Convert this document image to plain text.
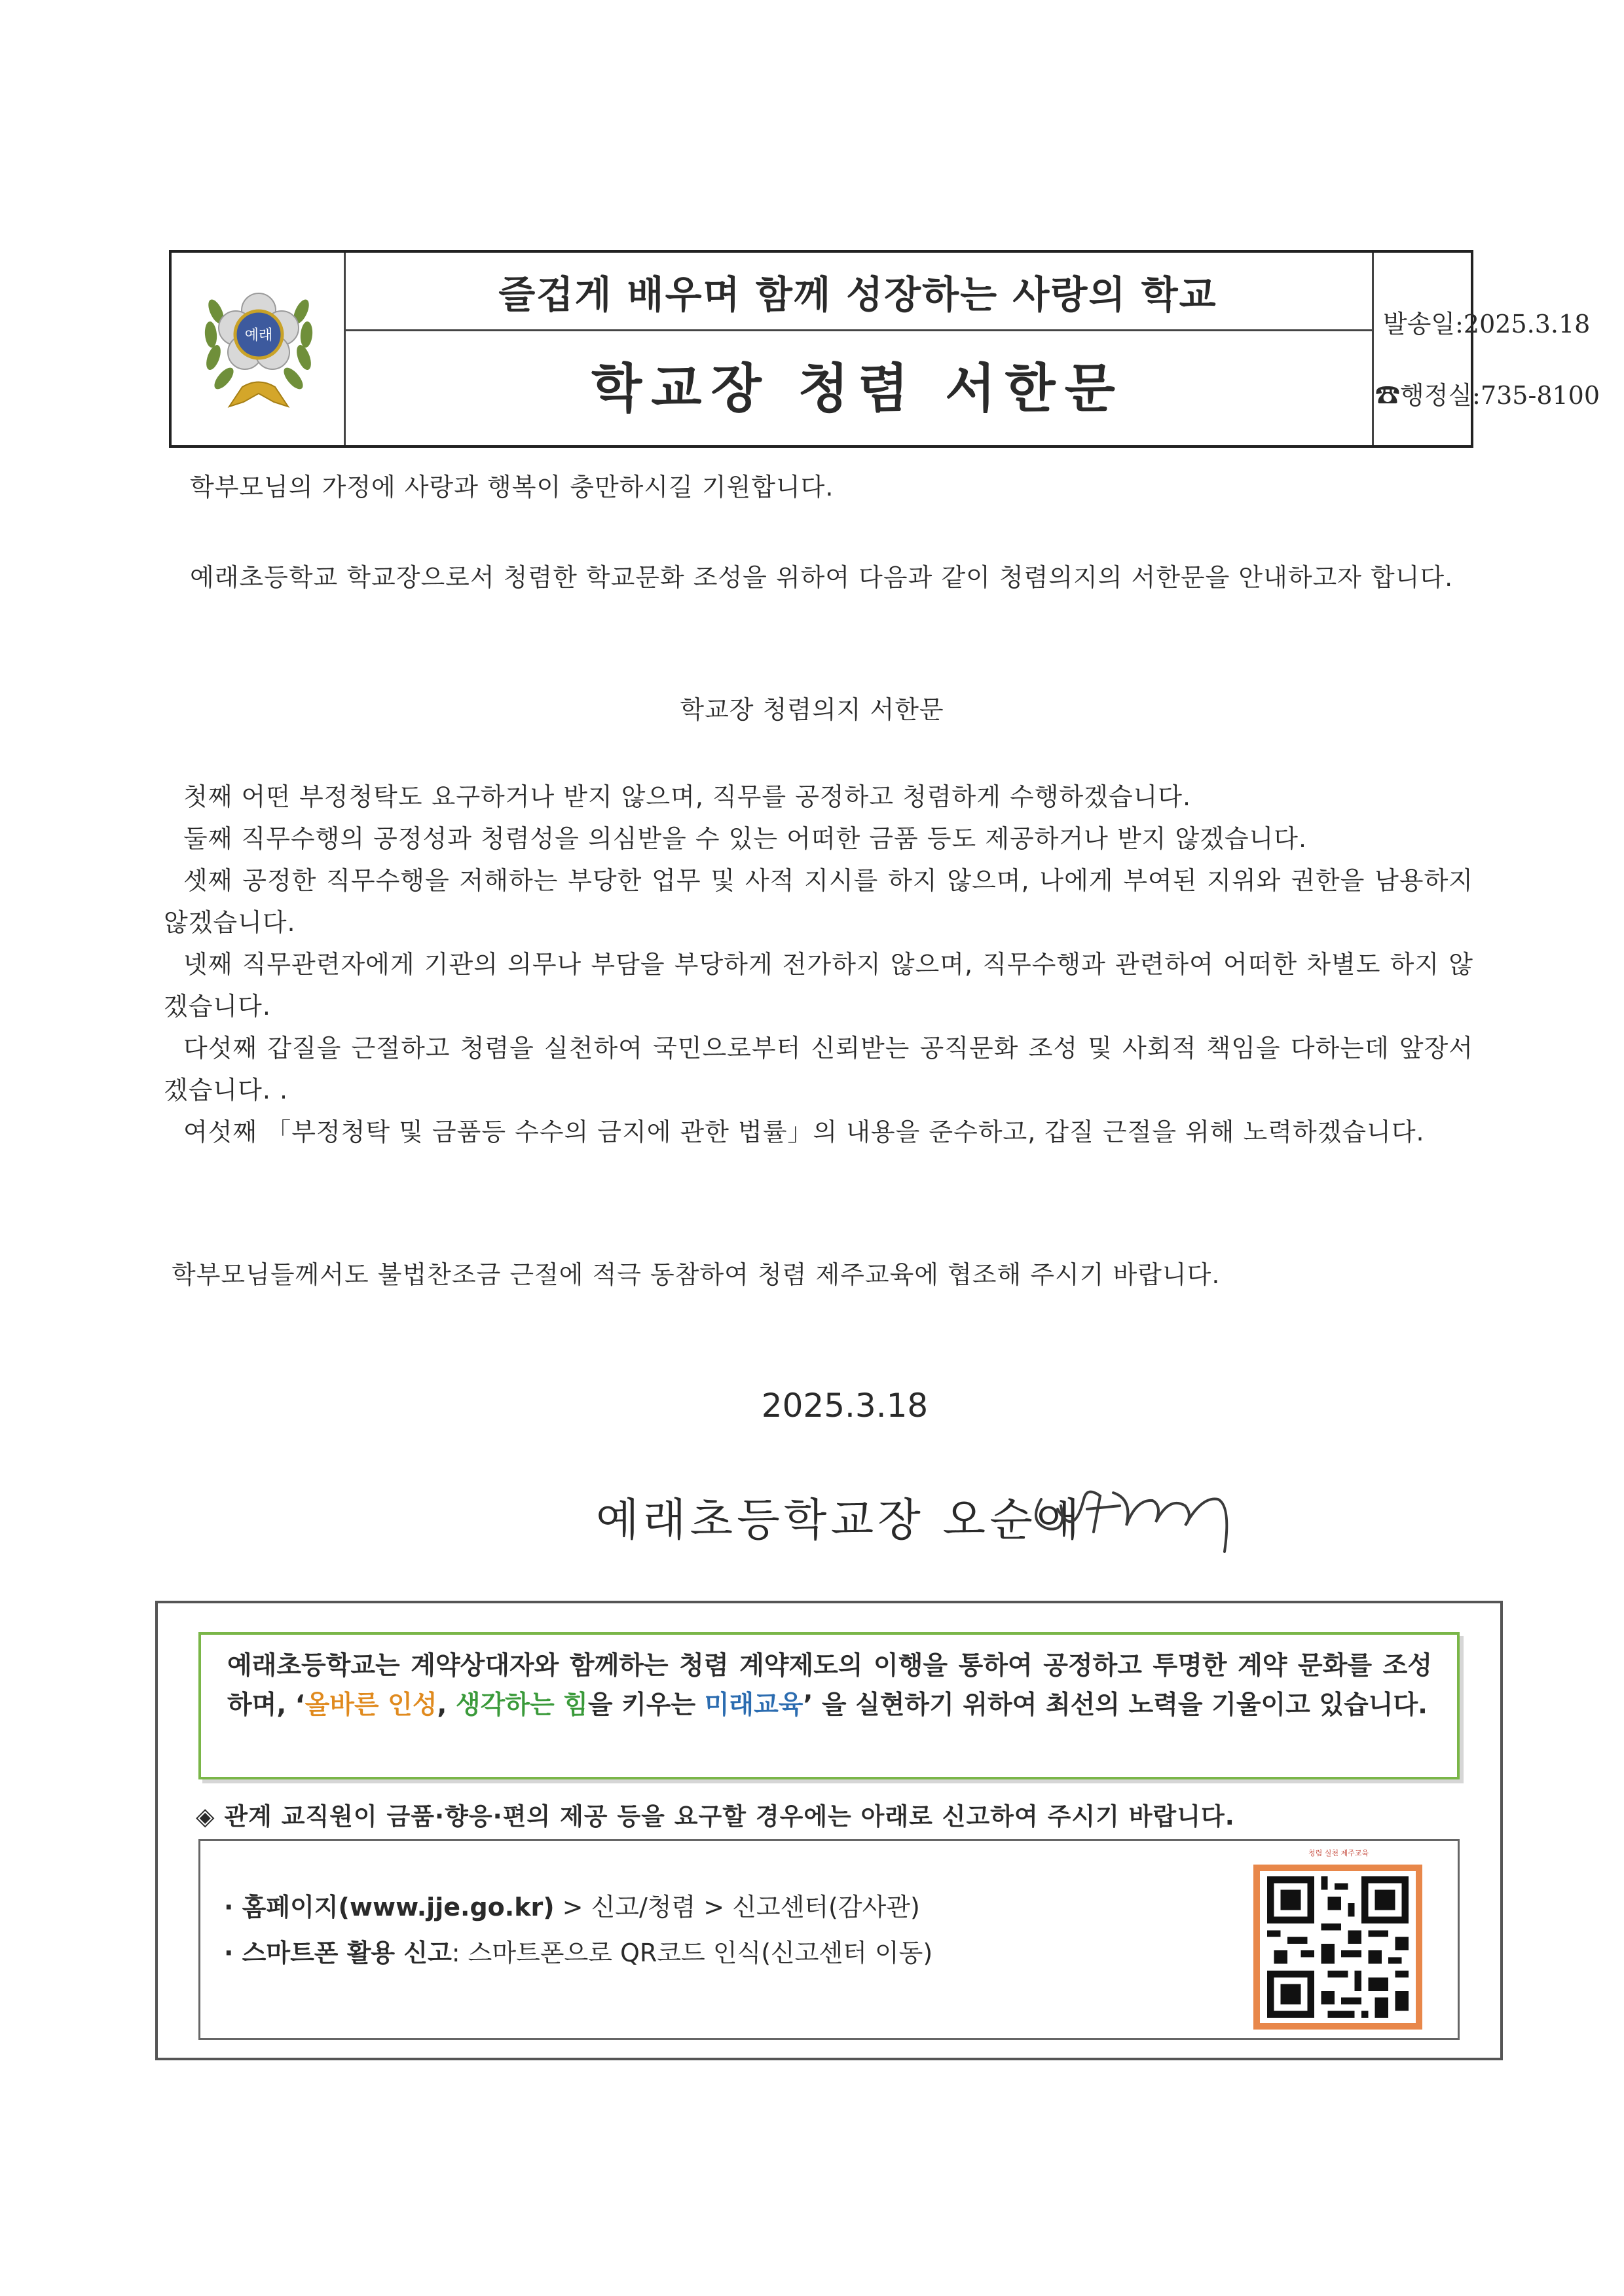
예래
즐겁게 배우며 함께 성장하는 사랑의 학교
학교장 청렴 서한문
발송일:2025.3.18
☎행정실:735-8100
학부모님의 가정에 사랑과 행복이 충만하시길 기원합니다.
예래초등학교 학교장으로서 청렴한 학교문화 조성을 위하여 다음과 같이 청렴의지의 서한문을 안내하고자 합니다.
학교장 청렴의지 서한문
첫째 어떤 부정청탁도 요구하거나 받지 않으며, 직무를 공정하고 청렴하게 수행하겠습니다.
둘째 직무수행의 공정성과 청렴성을 의심받을 수 있는 어떠한 금품 등도 제공하거나 받지 않겠습니다.
셋째 공정한 직무수행을 저해하는 부당한 업무 및 사적 지시를 하지 않으며, 나에게 부여된 지위와 권한을 남용하지 않겠습니다.
넷째 직무관련자에게 기관의 의무나 부담을 부당하게 전가하지 않으며, 직무수행과 관련하여 어떠한 차별도 하지 않겠습니다.
다섯째 갑질을 근절하고 청렴을 실천하여 국민으로부터 신뢰받는 공직문화 조성 및 사회적 책임을 다하는데 앞장서겠습니다. .
여섯째 「부정청탁 및 금품등 수수의 금지에 관한 법률」의 내용을 준수하고, 갑질 근절을 위해 노력하겠습니다.
학부모님들께서도 불법찬조금 근절에 적극 동참하여 청렴 제주교육에 협조해 주시기 바랍니다.
2025.3.18
예래초등학교장 오순애
예래초등학교는 계약상대자와 함께하는 청렴 계약제도의 이행을 통하여 공정하고 투명한 계약 문화를 조성하며, ‘올바른 인성, 생각하는 힘을 키우는 미래교육’ 을 실현하기 위하여 최선의 노력을 기울이고 있습니다.
◈ 관계 교직원이 금품·향응·편의 제공 등을 요구할 경우에는 아래로 신고하여 주시기 바랍니다.
· 홈페이지(www.jje.go.kr) > 신고/청렴 > 신고센터(감사관)
· 스마트폰 활용 신고: 스마트폰으로 QR코드 인식(신고센터 이동)
청렴 실천 제주교육
